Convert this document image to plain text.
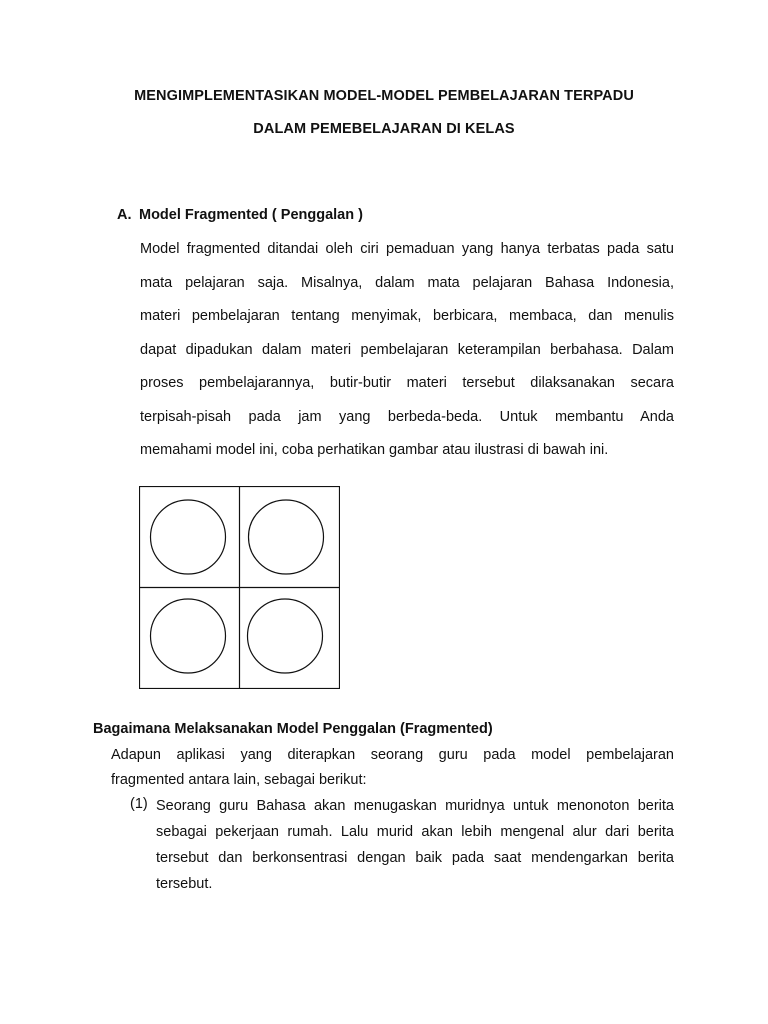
MENGIMPLEMENTASIKAN MODEL-MODEL PEMBELAJARAN TERPADU
DALAM PEMEBELAJARAN DI KELAS
A. Model Fragmented ( Penggalan )
Model fragmented ditandai oleh ciri pemaduan yang hanya terbatas pada satu
mata pelajaran saja. Misalnya, dalam mata pelajaran Bahasa Indonesia,
materi pembelajaran tentang menyimak, berbicara, membaca, dan menulis
dapat dipadukan dalam materi pembelajaran keterampilan berbahasa. Dalam
proses pembelajarannya, butir-butir materi tersebut dilaksanakan secara
terpisah-pisah pada jam yang berbeda-beda. Untuk membantu Anda
memahami model ini, coba perhatikan gambar atau ilustrasi di bawah ini.
Bagaimana Melaksanakan Model Penggalan (Fragmented)
Adapun aplikasi yang diterapkan seorang guru pada model pembelajaran
fragmented antara lain, sebagai berikut:
(1) Seorang guru Bahasa akan menugaskan muridnya untuk menonoton berita
sebagai pekerjaan rumah. Lalu murid akan lebih mengenal alur dari berita
tersebut dan berkonsentrasi dengan baik pada saat mendengarkan berita
tersebut.
